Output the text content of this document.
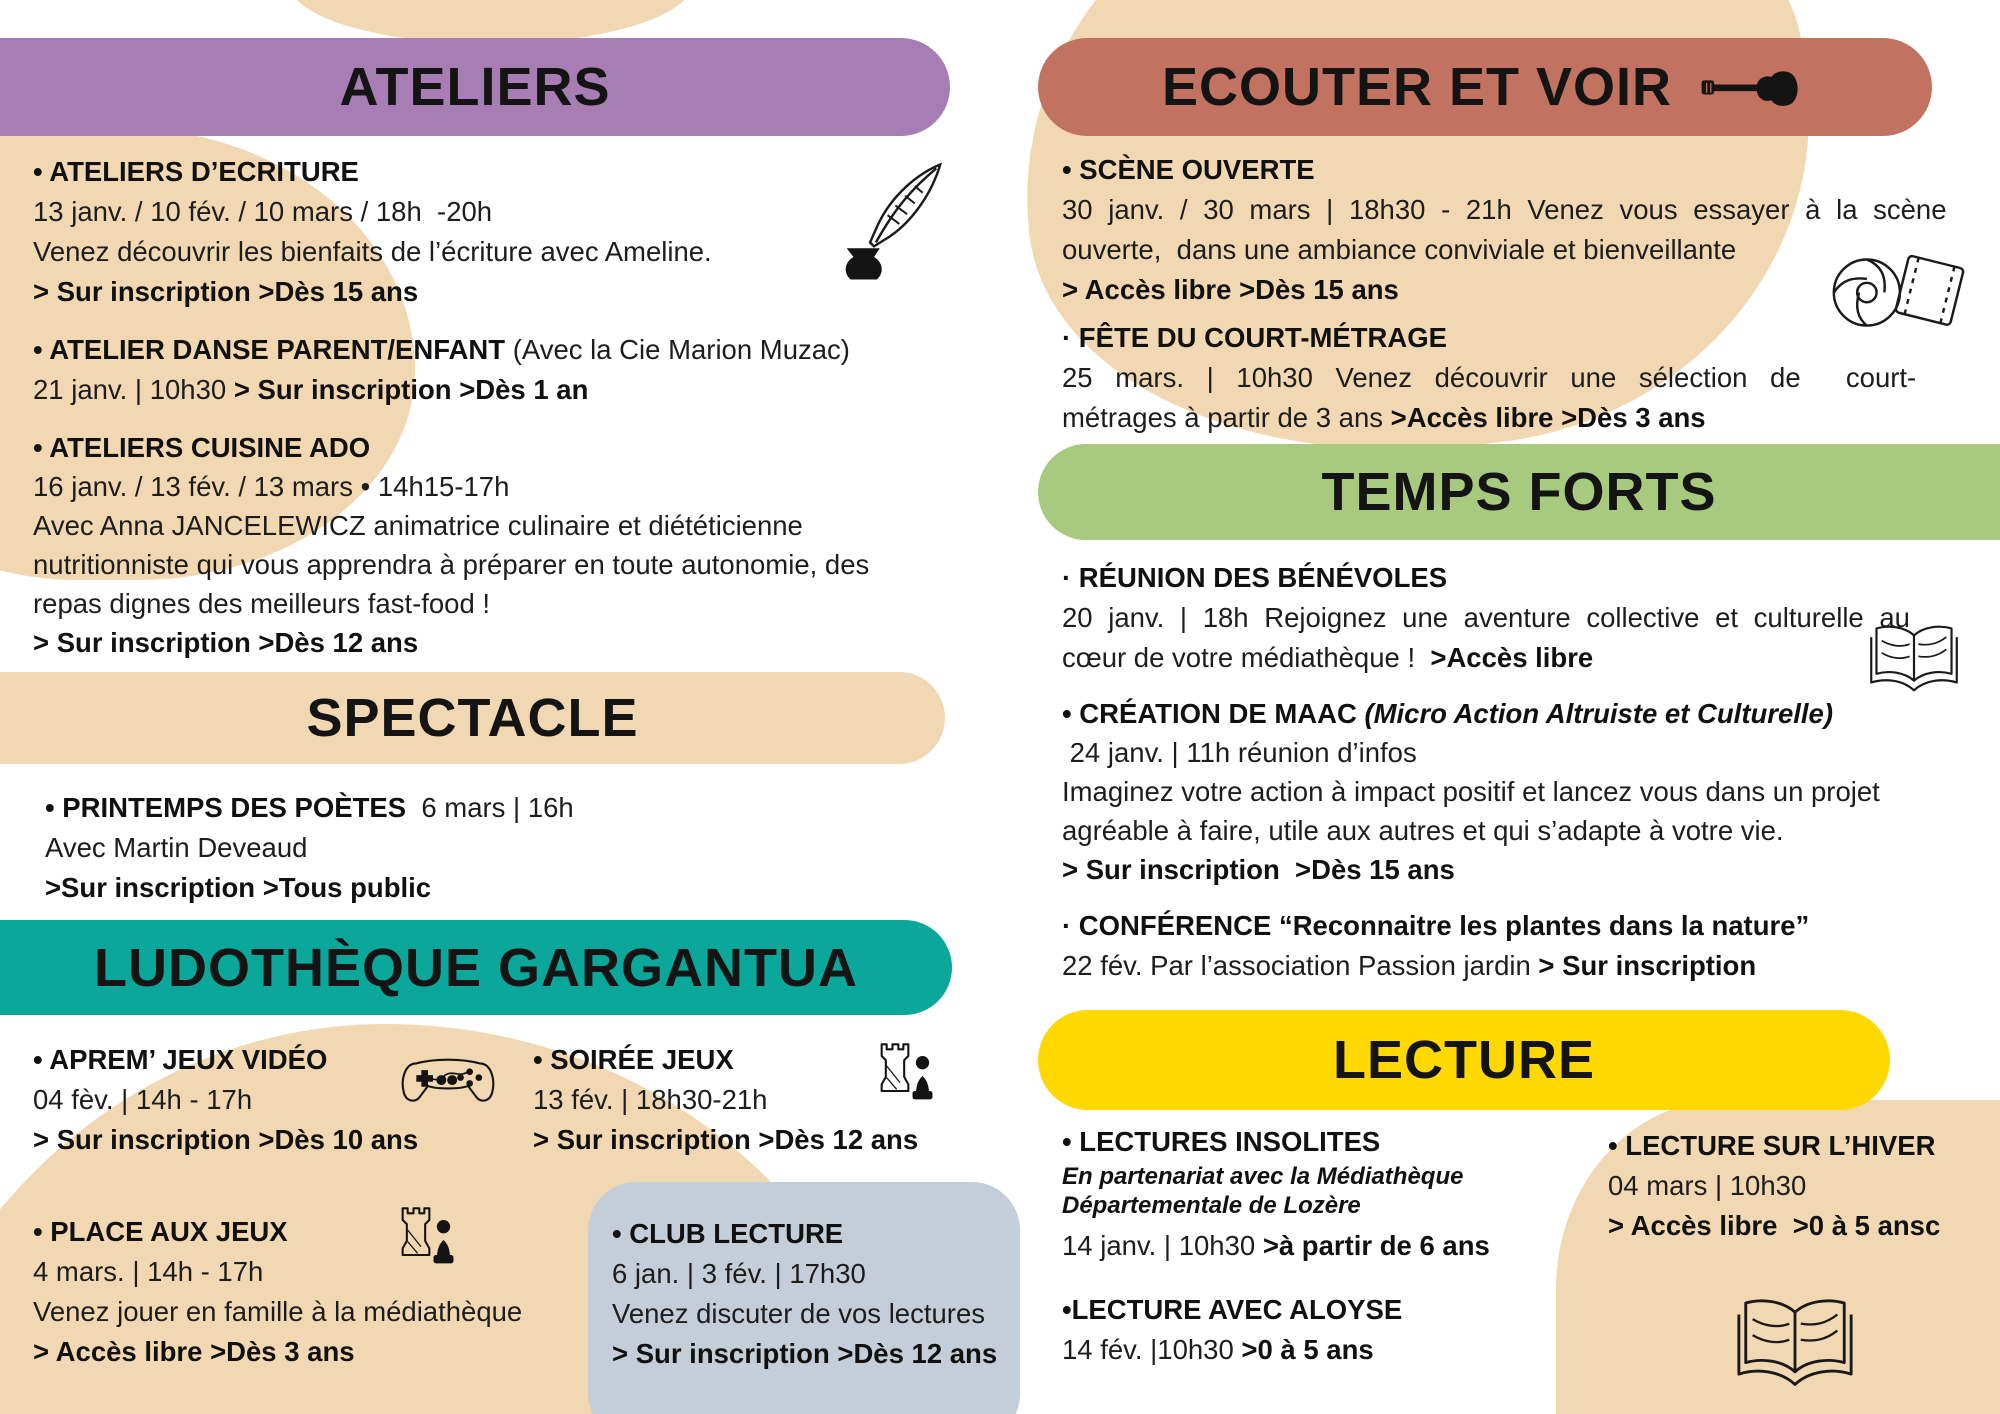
ATELIERS
SPECTACLE
LUDOTHÈQUE GARGANTUA
ECOUTER ET VOIR
TEMPS FORTS
LECTURE
• ATELIERS D’ECRITURE
13 janv. / 10 fév. / 10 mars / 18h  -20h
Venez découvrir les bienfaits de l’écriture avec Ameline.
> Sur inscription >Dès 15 ans
• ATELIER DANSE PARENT/ENFANT (Avec la Cie Marion Muzac)
21 janv. | 10h30 > Sur inscription >Dès 1 an
• ATELIERS CUISINE ADO
16 janv. / 13 fév. / 13 mars • 14h15-17h
Avec Anna JANCELEWICZ animatrice culinaire et diététicienne
nutritionniste qui vous apprendra à préparer en toute autonomie, des
repas dignes des meilleurs fast-food !
> Sur inscription >Dès 12 ans
• PRINTEMPS DES POÈTES  6 mars | 16h
Avec Martin Deveaud
>Sur inscription >Tous public
• APREM’ JEUX VIDÉO
04 fèv. | 14h - 17h
> Sur inscription >Dès 10 ans
• SOIRÉE JEUX
13 fév. | 18h30-21h
> Sur inscription >Dès 12 ans
• PLACE AUX JEUX
4 mars. | 14h - 17h
Venez jouer en famille à la médiathèque
> Accès libre >Dès 3 ans
• CLUB LECTURE
6 jan. | 3 fév. | 17h30
Venez discuter de vos lectures
> Sur inscription >Dès 12 ans
• SCÈNE OUVERTE
30 janv. / 30 mars | 18h30 - 21h Venez vous essayer à la scène
ouverte,  dans une ambiance conviviale et bienveillante
> Accès libre >Dès 15 ans
· FÊTE DU COURT-MÉTRAGE
25 mars. | 10h30 Venez découvrir une sélection de  court-
métrages à partir de 3 ans >Accès libre >Dès 3 ans
· RÉUNION DES BÉNÉVOLES
20 janv. | 18h Rejoignez une aventure collective et culturelle au
cœur de votre médiathèque !  >Accès libre
• CRÉATION DE MAAC (Micro Action Altruiste et Culturelle)
24 janv. | 11h réunion d’infos
Imaginez votre action à impact positif et lancez vous dans un projet
agréable à faire, utile aux autres et qui s’adapte à votre vie.
> Sur inscription  >Dès 15 ans
· CONFÉRENCE “Reconnaitre les plantes dans la nature”
22 fév. Par l’association Passion jardin > Sur inscription
• LECTURES INSOLITES
En partenariat avec la Médiathèque
Départementale de Lozère
14 janv. | 10h30 >à partir de 6 ans
•LECTURE AVEC ALOYSE
14 fév. |10h30 >0 à 5 ans
• LECTURE SUR L’HIVER
04 mars | 10h30
> Accès libre  >0 à 5 ansc
